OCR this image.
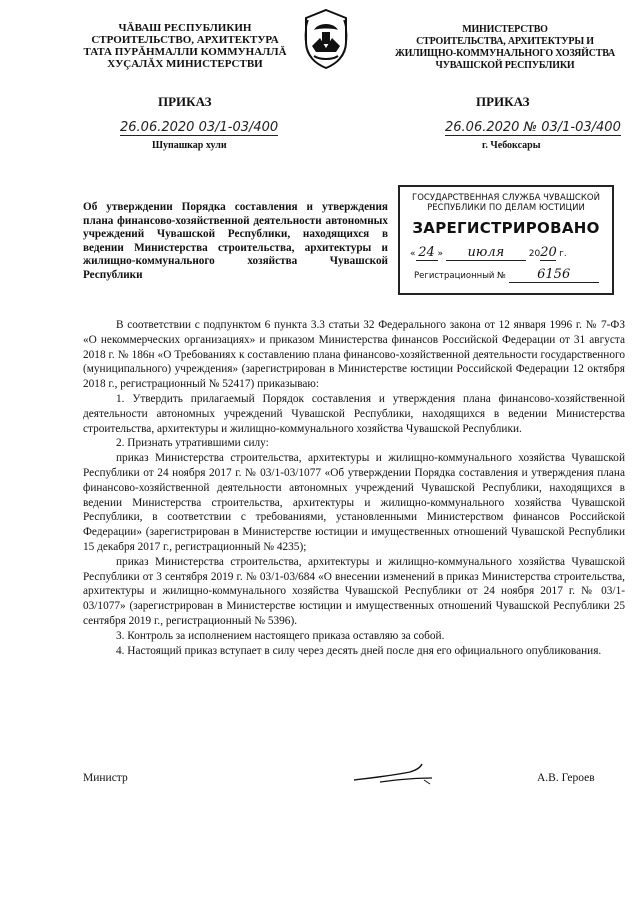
ЧĂВАШ РЕСПУБЛИКИН
СТРОИТЕЛЬСТВО, АРХИТЕКТУРА
ТАТА ПУРĂНМАЛЛИ КОММУНАЛЛĂ
ХУÇАЛĂХ МИНИСТЕРСТВИ
МИНИСТЕРСТВО
СТРОИТЕЛЬСТВА, АРХИТЕКТУРЫ И
ЖИЛИЩНО-КОММУНАЛЬНОГО ХОЗЯЙСТВА
ЧУВАШСКОЙ РЕСПУБЛИКИ
ПРИКАЗ
26.06.2020 03/1-03/400
Шупашкар хули
ПРИКАЗ
26.06.2020 № 03/1-03/400
г. Чебоксары
Об утверждении Порядка составления и утверждения плана финансово-хозяйственной деятельности автономных учреждений Чувашской Республики, находящихся в ведении Министерства строительства, архитектуры и жилищно-коммунального хозяйства Чувашской Республики
ГОСУДАРСТВЕННАЯ СЛУЖБА ЧУВАШСКОЙ
РЕСПУБЛИКИ ПО ДЕЛАМ ЮСТИЦИИ
ЗАРЕГИСТРИРОВАНО
« 24 » июля	2020 г.
Регистрационный № 6156

В соответствии с подпунктом 6 пункта 3.3 статьи 32 Федерального закона от 12 января 1996 г. № 7-ФЗ «О некоммерческих организациях» и приказом Министерства финансов Российской Федерации от 31 августа 2018 г. № 186н «О Требованиях к составлению плана финансово-хозяйственной деятельности государственного (муниципального) учреждения» (зарегистрирован в Министерстве юстиции Российской Федерации 12 октября 2018 г., регистрационный № 52417) приказываю:

1. Утвердить прилагаемый Порядок составления и утверждения плана финансово-хозяйственной деятельности автономных учреждений Чувашской Республики, находящихся в ведении Министерства строительства, архитектуры и жилищно-коммунального хозяйства Чувашской Республики.

2. Признать утратившими силу:

приказ Министерства строительства, архитектуры и жилищно-коммунального хозяйства Чувашской Республики от 24 ноября 2017 г. № 03/1-03/1077 «Об утверждении Порядка составления и утверждения плана финансово-хозяйственной деятельности автономных учреждений Чувашской Республики, находящихся в ведении Министерства строительства, архитектуры и жилищно-коммунального хозяйства Чувашской Республики, в соответствии с требованиями, установленными Министерством финансов Российской Федерации» (зарегистрирован в Министерстве юстиции и имущественных отношений Чувашской Республики 15 декабря 2017 г., регистрационный № 4235);

приказ Министерства строительства, архитектуры и жилищно-коммунального хозяйства Чувашской Республики от 3 сентября 2019 г. № 03/1-03/684 «О внесении изменений в приказ Министерства строительства, архитектуры и жилищно-коммунального хозяйства Чувашской Республики от 24 ноября 2017 г. № 03/1-03/1077» (зарегистрирован в Министерстве юстиции и имущественных отношений Чувашской Республики 25 сентября 2019 г., регистрационный № 5396).

3. Контроль за исполнением настоящего приказа оставляю за собой.

4. Настоящий приказ вступает в силу через десять дней после дня его официального опубликования.

Министр	А.В. Героев
